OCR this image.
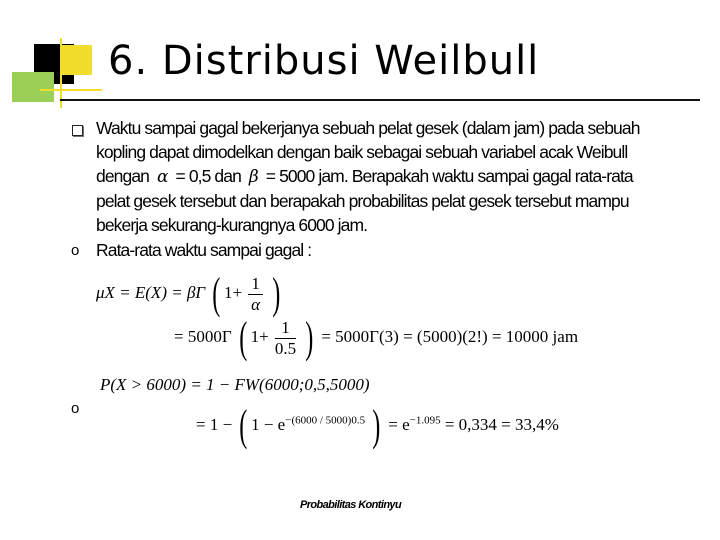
6. Distribusi Weilbull
Waktu sampai gagal bekerjanya sebuah pelat gesek (dalam jam) pada sebuah
kopling dapat dimodelkan dengan baik sebagai sebuah variabel acak Weibull
dengan α = 0,5 dan β = 5000 jam. Berapakah waktu sampai gagal rata-rata
pelat gesek tersebut dan berapakah probabilitas pelat gesek tersebut mampu
bekerja sekurang-kurangnya 6000 jam.
o Rata-rata waktu sampai gagal :
μX = E(X) = βΓ ( $1+ \frac{1}{\alpha}$ )
= 5000Γ ( $1+ \frac{1}{0.5}$ ) = 5000Γ(3) = (5000)(2!) = 10000 jam
o
P(X > 6000) = 1 − FW(6000;0,5,5000)
= 1 − ( $1 - e^{-(6000 / 5000)0.5}$ ) = $e^{-1.095} = 0,334 = 33,4\%$
Probabilitas Kontinyu
